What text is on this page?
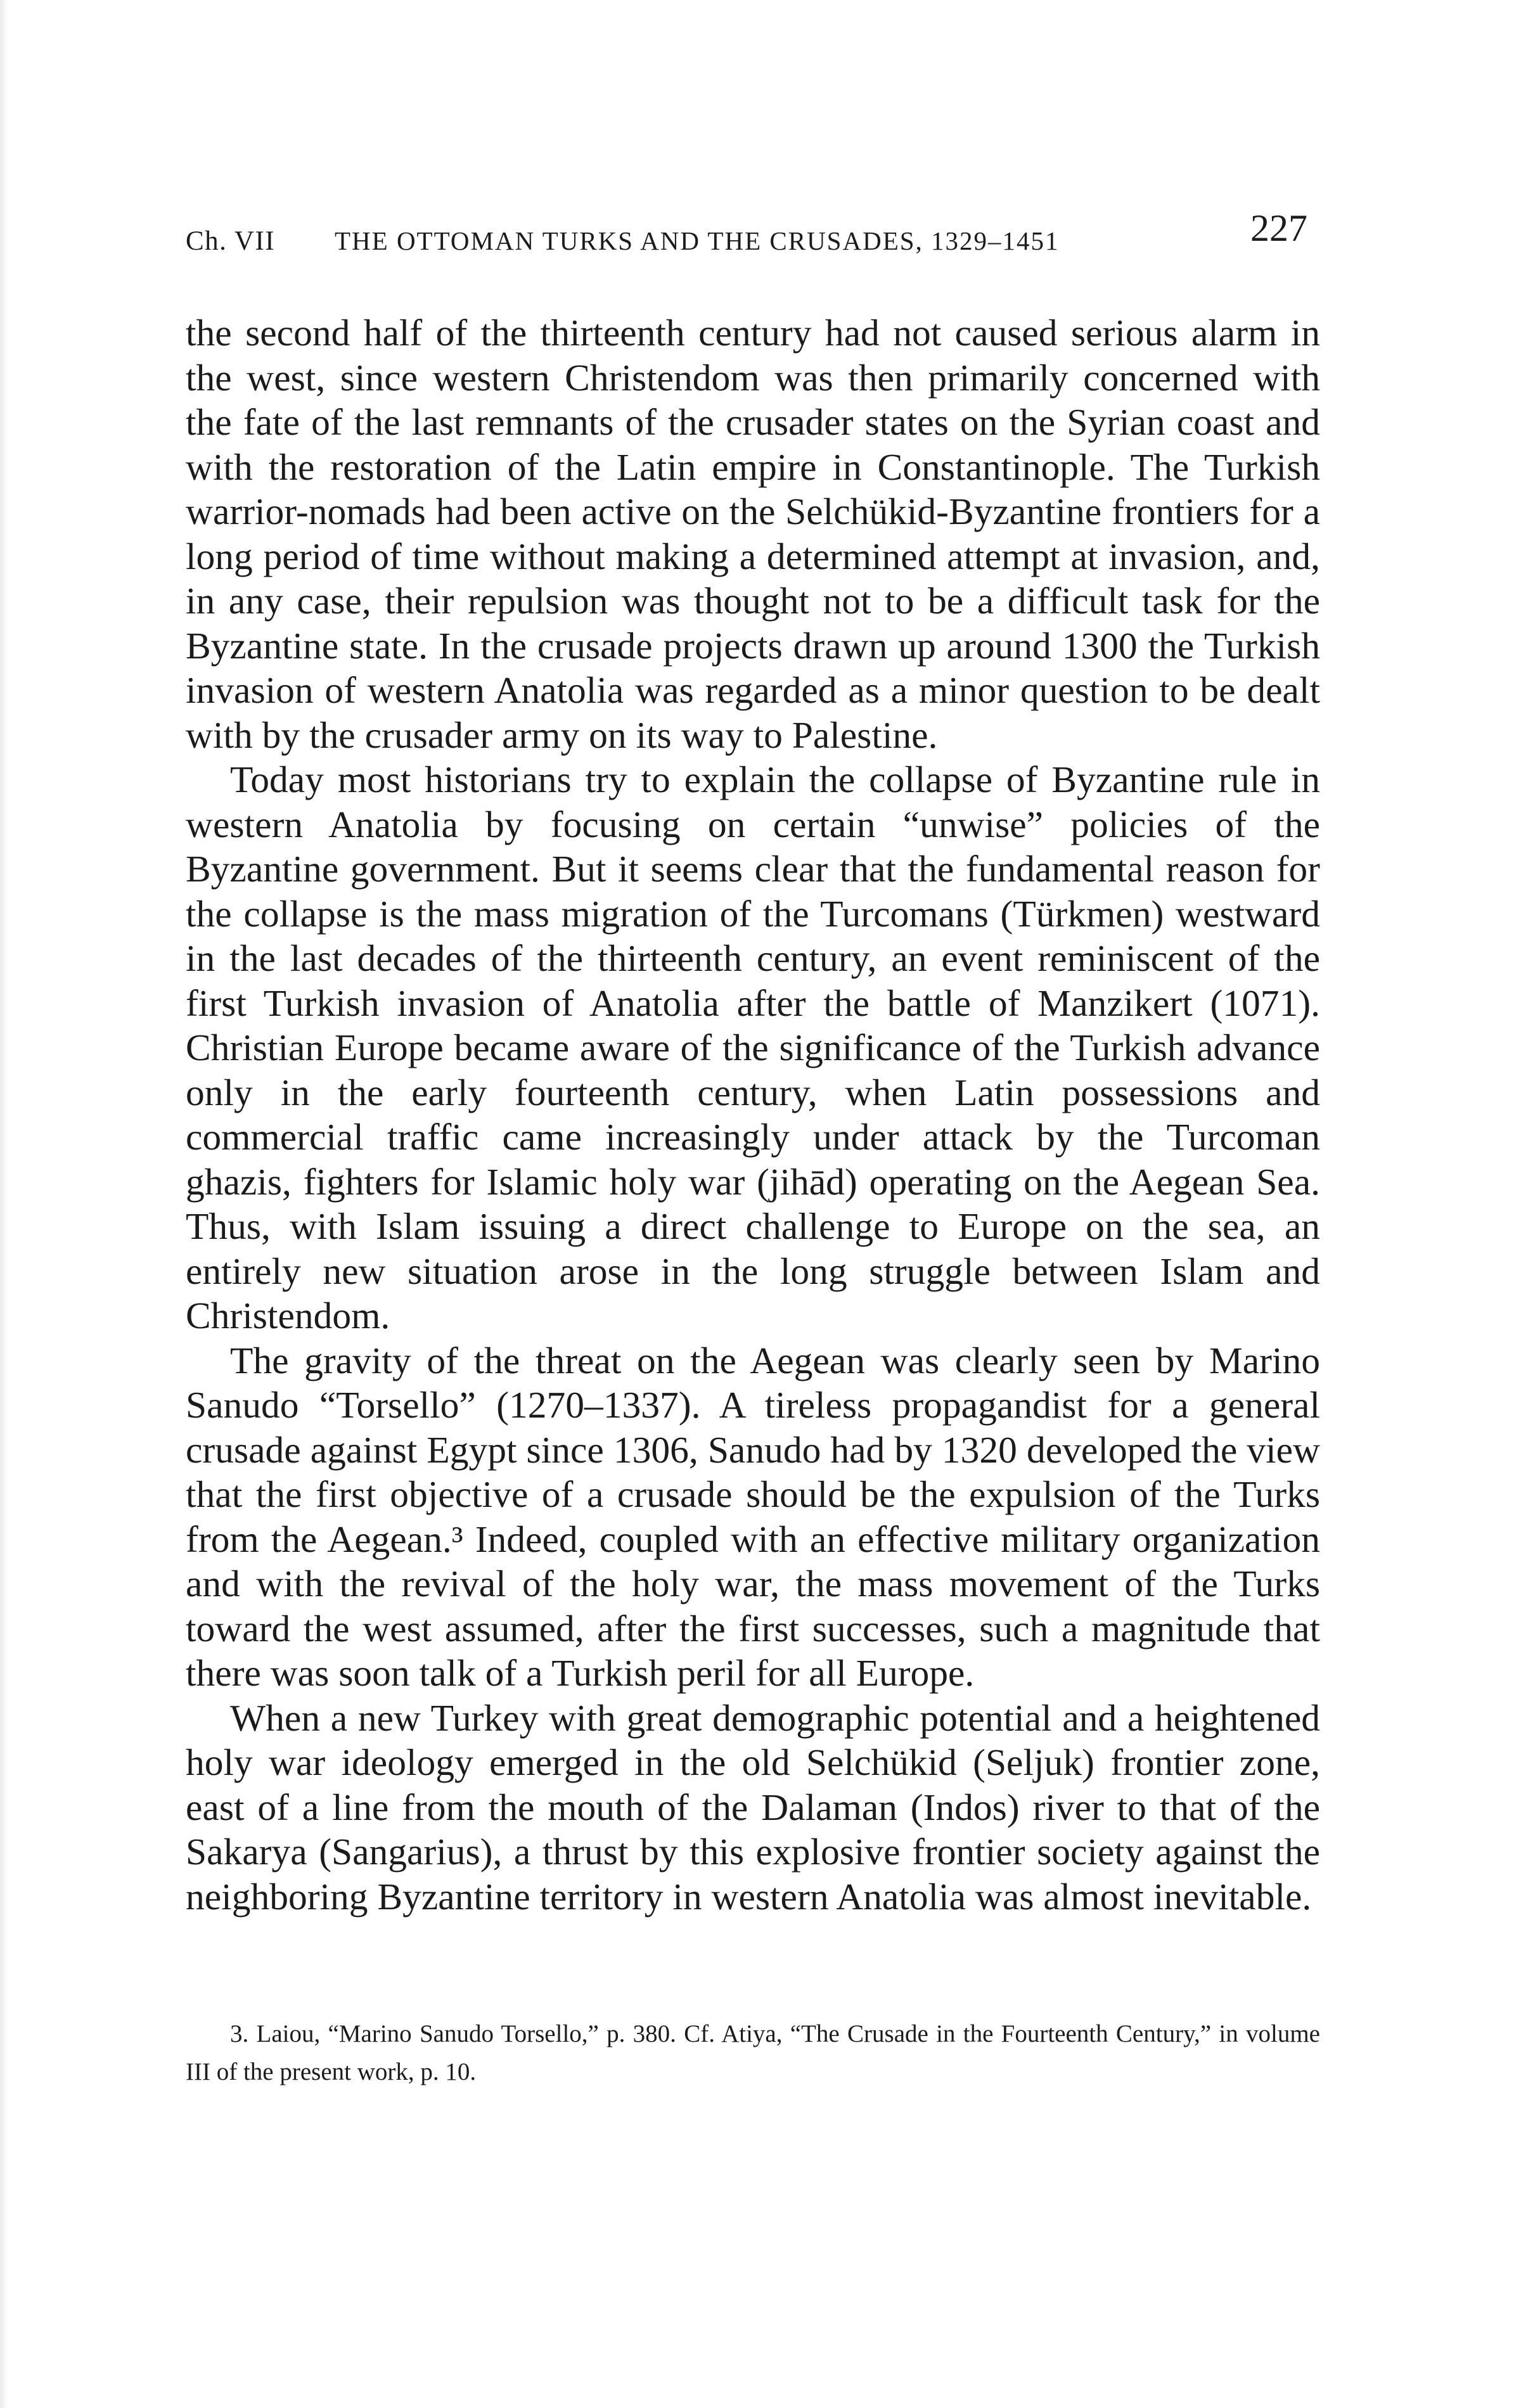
Ch. VII THE OTTOMAN TURKS AND THE CRUSADES, 1329–1451	227

the second half of the thirteenth century had not caused serious alarm in the west, since western Christendom was then primarily concerned with the fate of the last remnants of the crusader states on the Syrian coast and with the restoration of the Latin empire in Constantinople. The Turkish warrior-nomads had been active on the Selchükid-Byzantine frontiers for a long period of time without making a determined attempt at invasion, and, in any case, their repulsion was thought not to be a difficult task for the Byzantine state. In the crusade projects drawn up around 1300 the Turkish invasion of western Anatolia was regarded as a minor question to be dealt with by the crusader army on its way to Palestine.

Today most historians try to explain the collapse of Byzantine rule in western Anatolia by focusing on certain “unwise” policies of the Byzantine government. But it seems clear that the fundamental reason for the collapse is the mass migration of the Turcomans (Türkmen) westward in the last decades of the thirteenth century, an event reminiscent of the first Turkish invasion of Anatolia after the battle of Manzikert (1071). Christian Europe became aware of the significance of the Turkish advance only in the early fourteenth century, when Latin possessions and commercial traffic came increasingly under attack by the Turcoman ghazis, fighters for Islamic holy war (jihād) operating on the Aegean Sea. Thus, with Islam issuing a direct challenge to Europe on the sea, an entirely new situation arose in the long struggle between Islam and Christendom.

The gravity of the threat on the Aegean was clearly seen by Marino Sanudo “Torsello” (1270–1337). A tireless propagandist for a general crusade against Egypt since 1306, Sanudo had by 1320 developed the view that the first objective of a crusade should be the expulsion of the Turks from the Aegean.³ Indeed, coupled with an effective military organization and with the revival of the holy war, the mass movement of the Turks toward the west assumed, after the first successes, such a magnitude that there was soon talk of a Turkish peril for all Europe.

When a new Turkey with great demographic potential and a heightened holy war ideology emerged in the old Selchükid (Seljuk) frontier zone, east of a line from the mouth of the Dalaman (Indos) river to that of the Sakarya (Sangarius), a thrust by this explosive frontier society against the neighboring Byzantine territory in western Anatolia was almost inevitable.

3. Laiou, “Marino Sanudo Torsello,” p. 380. Cf. Atiya, “The Crusade in the Fourteenth Century,” in volume III of the present work, p. 10.
